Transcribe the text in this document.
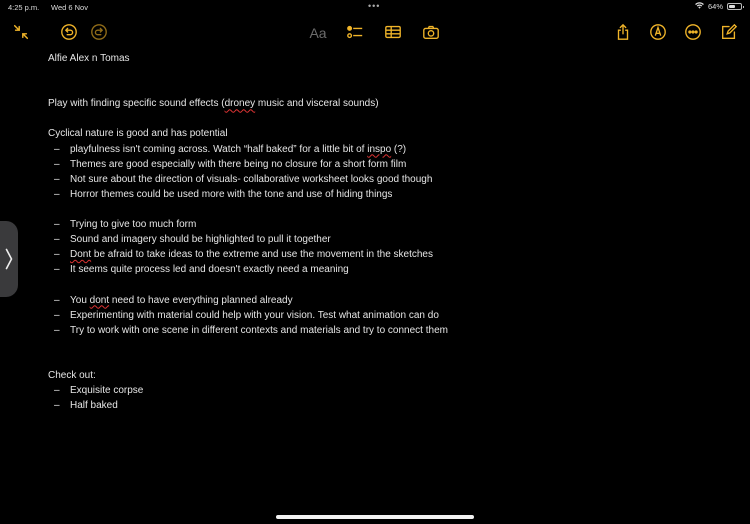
4:25 p.m. Wed 6 Nov	•••	64%
Aa
Alfie Alex n Tomas
Play with finding specific sound effects (droney music and visceral sounds)
Cyclical nature is good and has potential
– playfulness isn't coming across. Watch “half baked” for a little bit of inspo (?)
– Themes are good especially with there being no closure for a short form film
– Not sure about the direction of visuals- collaborative worksheet looks good though
– Horror themes could be used more with the tone and use of hiding things
– Trying to give too much form
– Sound and imagery should be highlighted to pull it together
– Dont be afraid to take ideas to the extreme and use the movement in the sketches
– It seems quite process led and doesn't exactly need a meaning
– You dont need to have everything planned already
– Experimenting with material could help with your vision. Test what animation can do
– Try to work with one scene in different contexts and materials and try to connect them
Check out:
– Exquisite corpse
– Half baked
